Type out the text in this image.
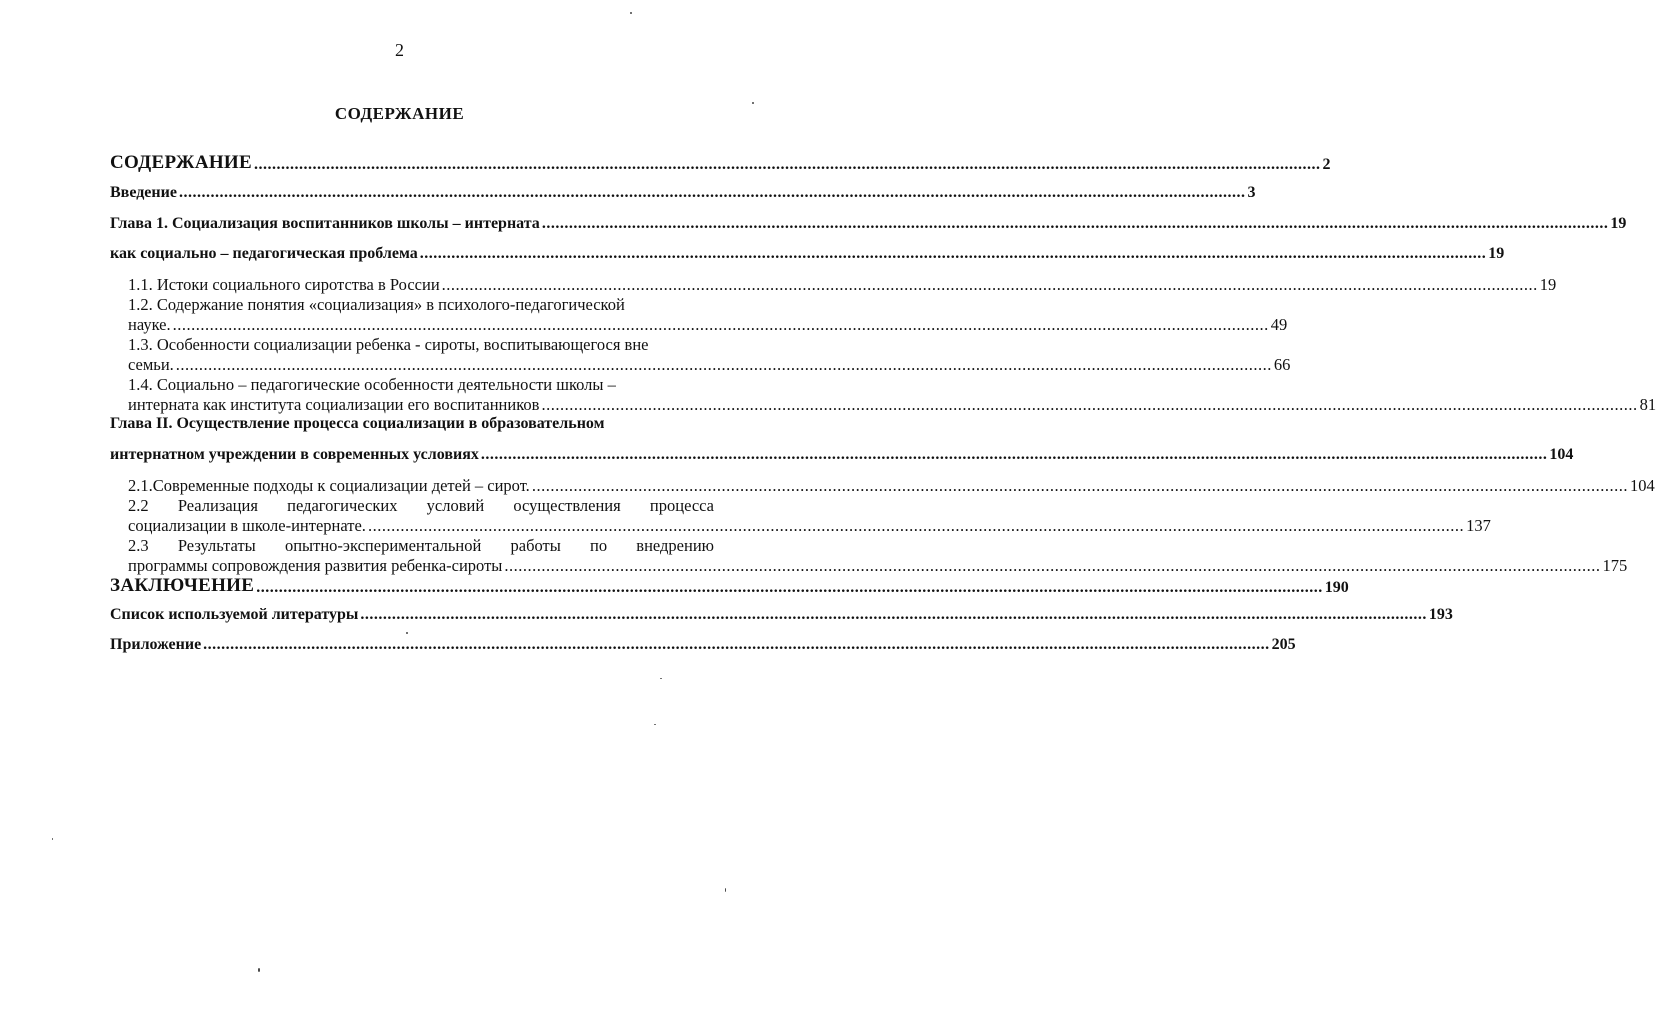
2
СОДЕРЖАНИЕ
СОДЕРЖАНИЕ ............................................................................................................................................................................................................................................. 2
Введение ............................................................................................................................................................................................................................................. 3
Глава 1. Социализация воспитанников школы – интерната ............................................................................................................................................................................................................................................. 19
как социально – педагогическая проблема ............................................................................................................................................................................................................................................. 19
1.1. Истоки социального сиротства в России ............................................................................................................................................................................................................................................. 19
1.2. Содержание понятия «социализация» в психолого-педагогической
науке. ............................................................................................................................................................................................................................................. 49
1.3. Особенности социализации ребенка - сироты, воспитывающегося вне
семьи. ............................................................................................................................................................................................................................................. 66
1.4. Социально – педагогические особенности деятельности школы –
интерната как института социализации его воспитанников ............................................................................................................................................................................................................................................. 81
Глава II. Осуществление процесса социализации в образовательном
интернатном учреждении в современных условиях ............................................................................................................................................................................................................................................. 104
2.1.Современные подходы к социализации детей – сирот. ............................................................................................................................................................................................................................................. 104
2.2 Реализация педагогических условий осуществления процесса
социализации в школе-интернате. ............................................................................................................................................................................................................................................. 137
2.3 Результаты опытно-экспериментальной работы по внедрению
программы сопровождения развития ребенка-сироты ............................................................................................................................................................................................................................................. 175
ЗАКЛЮЧЕНИЕ ............................................................................................................................................................................................................................................. 190
Список используемой литературы ............................................................................................................................................................................................................................................. 193
Приложение ............................................................................................................................................................................................................................................. 205
